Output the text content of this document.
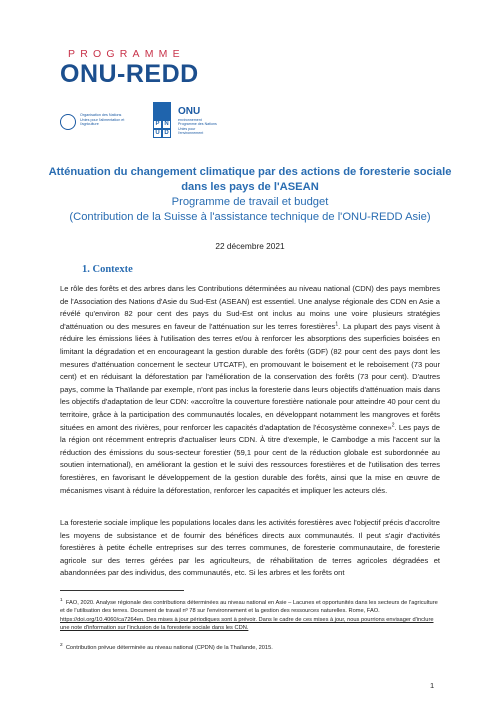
PROGRAMME
ONU-REDD
Organisation des Nations Unies pour l'alimentation et l'agriculture	P N
U D
ONU
environnement Programme des Nations Unies pour l'environnement
Atténuation du changement climatique par des actions de foresterie sociale
dans les pays de l'ASEAN
Programme de travail et budget
(Contribution de la Suisse à l'assistance technique de l'ONU-REDD Asie)
22 décembre 2021
1. Contexte
Le rôle des forêts et des arbres dans les Contributions déterminées au niveau national (CDN) des pays membres de l'Association des Nations d'Asie du Sud-Est (ASEAN) est essentiel. Une analyse régionale des CDN en Asie a révélé qu'environ 82 pour cent des pays du Sud-Est ont inclus au moins une voire plusieurs stratégies d'atténuation ou des mesures en faveur de l'atténuation sur les terres forestières$^1$. La plupart des pays visent à réduire les émissions liées à l'utilisation des terres et/ou à renforcer les absorptions des superficies boisées en limitant la dégradation et en encourageant la gestion durable des forêts (GDF) (82 pour cent des pays dont les mesures d'atténuation concernent le secteur UTCATF), en promouvant le boisement et le reboisement (73 pour cent) et en réduisant la déforestation par l'amélioration de la conservation des forêts (73 pour cent). D'autres pays, comme la Thaïlande par exemple, n'ont pas inclus la foresterie dans leurs objectifs d'atténuation mais dans les objectifs d'adaptation de leur CDN: «accroître la couverture forestière nationale pour atteindre 40 pour cent du territoire, grâce à la participation des communautés locales, en développant notamment les mangroves et forêts situées en amont des rivières, pour renforcer les capacités d'adaptation de l'écosystème connexe»$^2$. Les pays de la région ont récemment entrepris d'actualiser leurs CDN. À titre d'exemple, le Cambodge a mis l'accent sur la réduction des émissions du sous-secteur forestier (59,1 pour cent de la réduction globale est subordonnée au soutien international), en améliorant la gestion et le suivi des ressources forestières et de l'utilisation des terres forestières, en favorisant le développement de la gestion durable des forêts, ainsi que la mise en œuvre de mécanismes visant à réduire la déforestation, renforcer les capacités et impliquer les acteurs clés.
La foresterie sociale implique les populations locales dans les activités forestières avec l'objectif précis d'accroître les moyens de subsistance et de fournir des bénéfices directs aux communautés. Il peut s'agir d'activités forestières à petite échelle entreprises sur des terres communes, de foresterie communautaire, de foresterie agricole sur des terres gérées par les agriculteurs, de réhabilitation de terres agricoles dégradées et abandonnées par des individus, des communautés, etc. Si les arbres et les forêts ont
$^1$ FAO, 2020. Analyse régionale des contributions déterminées au niveau national en Asie – Lacunes et opportunités dans les secteurs de l'agriculture et de l'utilisation des terres. Document de travail nº 78 sur l'environnement et la gestion des ressources naturelles. Rome, FAO. https://doi.org/10.4060/ca7264en. Des mises à jour périodiques sont à prévoir. Dans le cadre de ces mises à jour, nous pourrions envisager d'inclure une note d'information sur l'inclusion de la foresterie sociale dans les CDN.
$^2$ Contribution prévue déterminée au niveau national (CPDN) de la Thaïlande, 2015.
1
